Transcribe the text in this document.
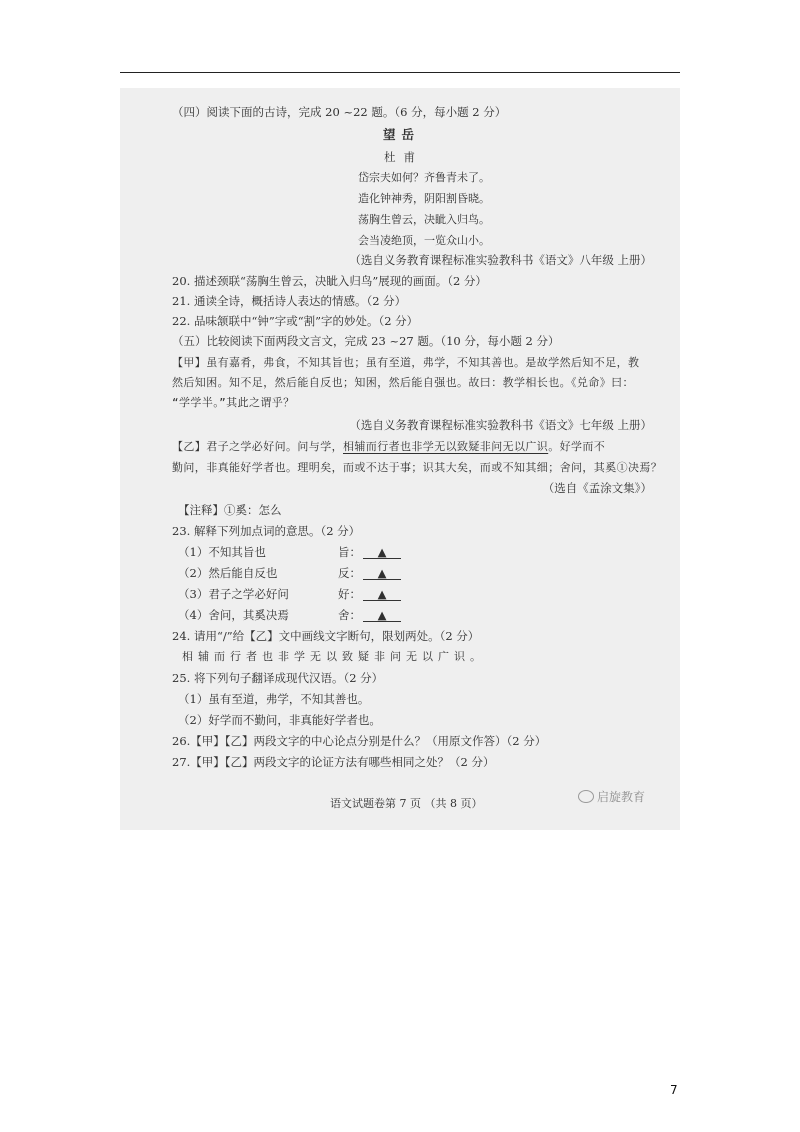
（四）阅读下面的古诗，完成 20 ~22 题。（6 分，每小题 2 分）
望岳
杜甫
岱宗夫如何？齐鲁青未了。
造化钟神秀，阴阳割昏晓。
荡胸生曾云，决眦入归鸟。
会当凌绝顶，一览众山小。
（选自义务教育课程标准实验教科书《语文》八年级 上册）
20. 描述颈联“荡胸生曾云，决眦入归鸟”展现的画面。（2 分）
21. 通读全诗，概括诗人表达的情感。（2 分）
22. 品味颔联中“钟”字或“割”字的妙处。（2 分）
（五）比较阅读下面两段文言文，完成 23 ~27 题。（10 分，每小题 2 分）
【甲】虽有嘉肴，弗食，不知其旨也；虽有至道，弗学，不知其善也。是故学然后知不足，教
然后知困。知不足，然后能自反也；知困，然后能自强也。故曰：教学相长也。《兑命》曰：
“学学半。”其此之谓乎？
（选自义务教育课程标准实验教科书《语文》七年级 上册）
【乙】君子之学必好问。问与学，相辅而行者也非学无以致疑非问无以广识。好学而不
勤问，非真能好学者也。理明矣，而或不达于事；识其大矣，而或不知其细；舍问，其奚①决焉？
（选自《孟涂文集》）
【注释】①奚：怎么
23. 解释下列加点词的意思。（2 分）
（1）不知其旨也	旨： ▲
（2）然后能自反也	反： ▲
（3）君子之学必好问	好： ▲
（4）舍问，其奚决焉	舍： ▲
24. 请用“/”给【乙】文中画线文字断句，限划两处。（2 分）
相辅而行者也非学无以致疑非问无以广识。
25. 将下列句子翻译成现代汉语。（2 分）
（1）虽有至道，弗学，不知其善也。
（2）好学而不勤问，非真能好学者也。
26.【甲】【乙】两段文字的中心论点分别是什么？（用原文作答）（2 分）
27.【甲】【乙】两段文字的论证方法有哪些相同之处？（2 分）
启旋教育
语文试题卷第 7 页 （共 8 页）
7
